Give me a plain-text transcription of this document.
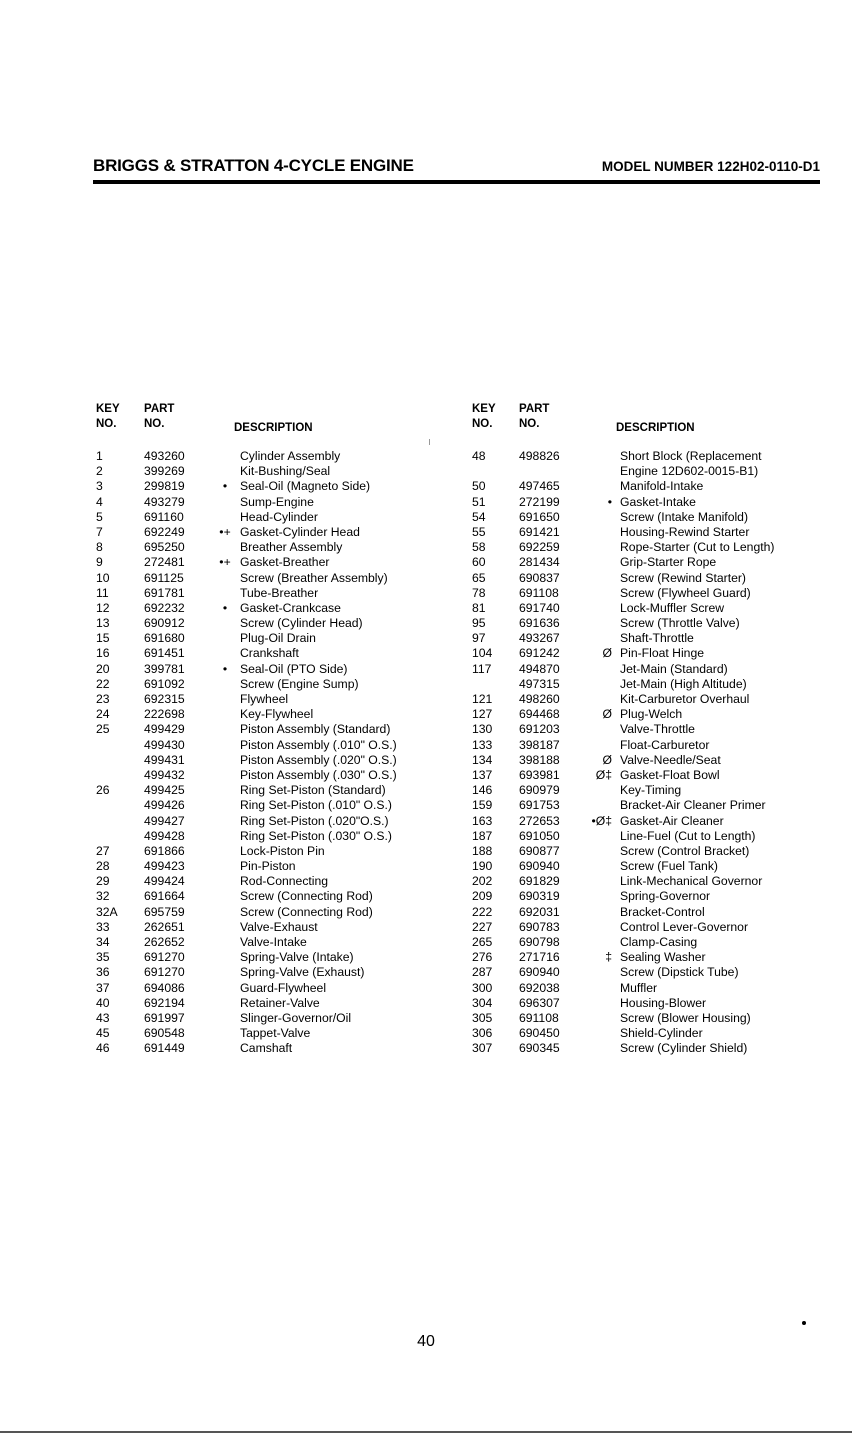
BRIGGS & STRATTON 4-CYCLE ENGINE	MODEL NUMBER 122H02-0110-D1
KEY
NO.
PART
NO.	DESCRIPTION
1	493260	Cylinder Assembly
2	399269	Kit-Bushing/Seal
3	299819	•	Seal-Oil (Magneto Side)
4	493279	Sump-Engine
5	691160	Head-Cylinder
7	692249	•+ Gasket-Cylinder Head
8	695250	Breather Assembly
9	272481	•+ Gasket-Breather
10	691125	Screw (Breather Assembly)
11	691781	Tube-Breather
12	692232	•	Gasket-Crankcase
13	690912	Screw (Cylinder Head)
15	691680	Plug-Oil Drain
16	691451	Crankshaft
20	399781	•	Seal-Oil (PTO Side)
22	691092	Screw (Engine Sump)
23	692315	Flywheel
24	222698	Key-Flywheel
25	499429	Piston Assembly (Standard)
499430	Piston Assembly (.010" O.S.)
499431	Piston Assembly (.020" O.S.)
499432	Piston Assembly (.030" O.S.)
26	499425	Ring Set-Piston (Standard)
499426	Ring Set-Piston (.010" O.S.)
499427	Ring Set-Piston (.020"O.S.)
499428	Ring Set-Piston (.030" O.S.)
27	691866	Lock-Piston Pin
28	499423	Pin-Piston
29	499424	Rod-Connecting
32	691664	Screw (Connecting Rod)
32A 695759	Screw (Connecting Rod)
33	262651	Valve-Exhaust
34	262652	Valve-Intake
35	691270	Spring-Valve (Intake)
36	691270	Spring-Valve (Exhaust)
37	694086	Guard-Flywheel
40	692194	Retainer-Valve
43	691997	Slinger-Governor/Oil
45	690548	Tappet-Valve
46	691449	Camshaft
KEY
NO.
PART
NO.	DESCRIPTION
48	498826	Short Block (Replacement
Engine 12D602-0015-B1)
50	497465	Manifold-Intake
51	272199	• Gasket-Intake
54	691650	Screw (Intake Manifold)
55	691421	Housing-Rewind Starter
58	692259	Rope-Starter (Cut to Length)
60	281434	Grip-Starter Rope
65	690837	Screw (Rewind Starter)
78	691108	Screw (Flywheel Guard)
81	691740	Lock-Muffler Screw
95	691636	Screw (Throttle Valve)
97	493267	Shaft-Throttle
104 691242	Ø Pin-Float Hinge
117 494870	Jet-Main (Standard)
497315	Jet-Main (High Altitude)
121 498260	Kit-Carburetor Overhaul
127 694468	Ø Plug-Welch
130 691203	Valve-Throttle
133 398187	Float-Carburetor
134 398188	Ø Valve-Needle/Seat
137 693981	Ø‡ Gasket-Float Bowl
146 690979	Key-Timing
159 691753	Bracket-Air Cleaner Primer
163 272653	•Ø‡ Gasket-Air Cleaner
187 691050	Line-Fuel (Cut to Length)
188 690877	Screw (Control Bracket)
190 690940	Screw (Fuel Tank)
202 691829	Link-Mechanical Governor
209 690319	Spring-Governor
222 692031	Bracket-Control
227 690783	Control Lever-Governor
265 690798	Clamp-Casing
276 271716	‡ Sealing Washer
287 690940	Screw (Dipstick Tube)
300 692038	Muffler
304 696307	Housing-Blower
305 691108	Screw (Blower Housing)
306 690450	Shield-Cylinder
307 690345	Screw (Cylinder Shield)
40
